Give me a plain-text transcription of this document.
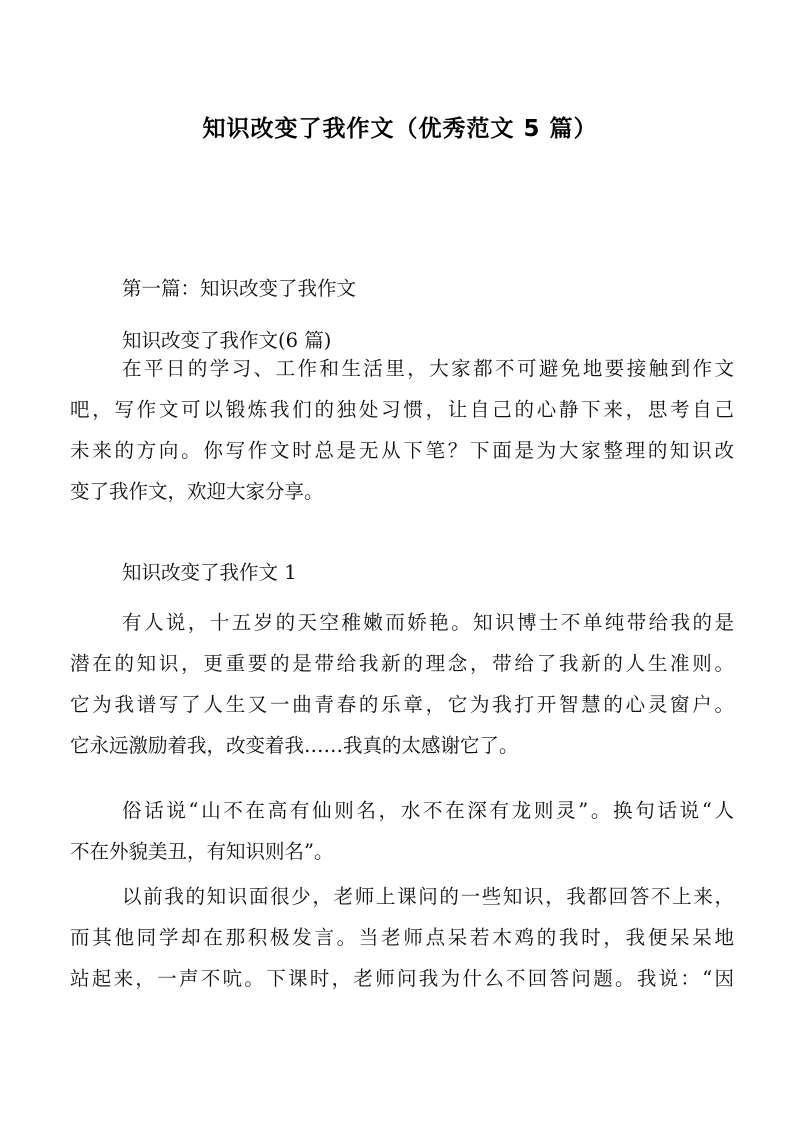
知识改变了我作文（优秀范文 5 篇）
第一篇：知识改变了我作文
知识改变了我作文(6 篇)
在平日的学习、工作和生活里，大家都不可避免地要接触到作文
吧，写作文可以锻炼我们的独处习惯，让自己的心静下来，思考自己
未来的方向。你写作文时总是无从下笔？下面是为大家整理的知识改
变了我作文，欢迎大家分享。
知识改变了我作文 1
有人说，十五岁的天空稚嫩而娇艳。知识博士不单纯带给我的是
潜在的知识，更重要的是带给我新的理念，带给了我新的人生准则。
它为我谱写了人生又一曲青春的乐章，它为我打开智慧的心灵窗户。
它永远激励着我，改变着我……我真的太感谢它了。
俗话说“山不在高有仙则名，水不在深有龙则灵”。换句话说“人
不在外貌美丑，有知识则名”。
以前我的知识面很少，老师上课问的一些知识，我都回答不上来，
而其他同学却在那积极发言。当老师点呆若木鸡的我时，我便呆呆地
站起来，一声不吭。下课时，老师问我为什么不回答问题。我说：“因
